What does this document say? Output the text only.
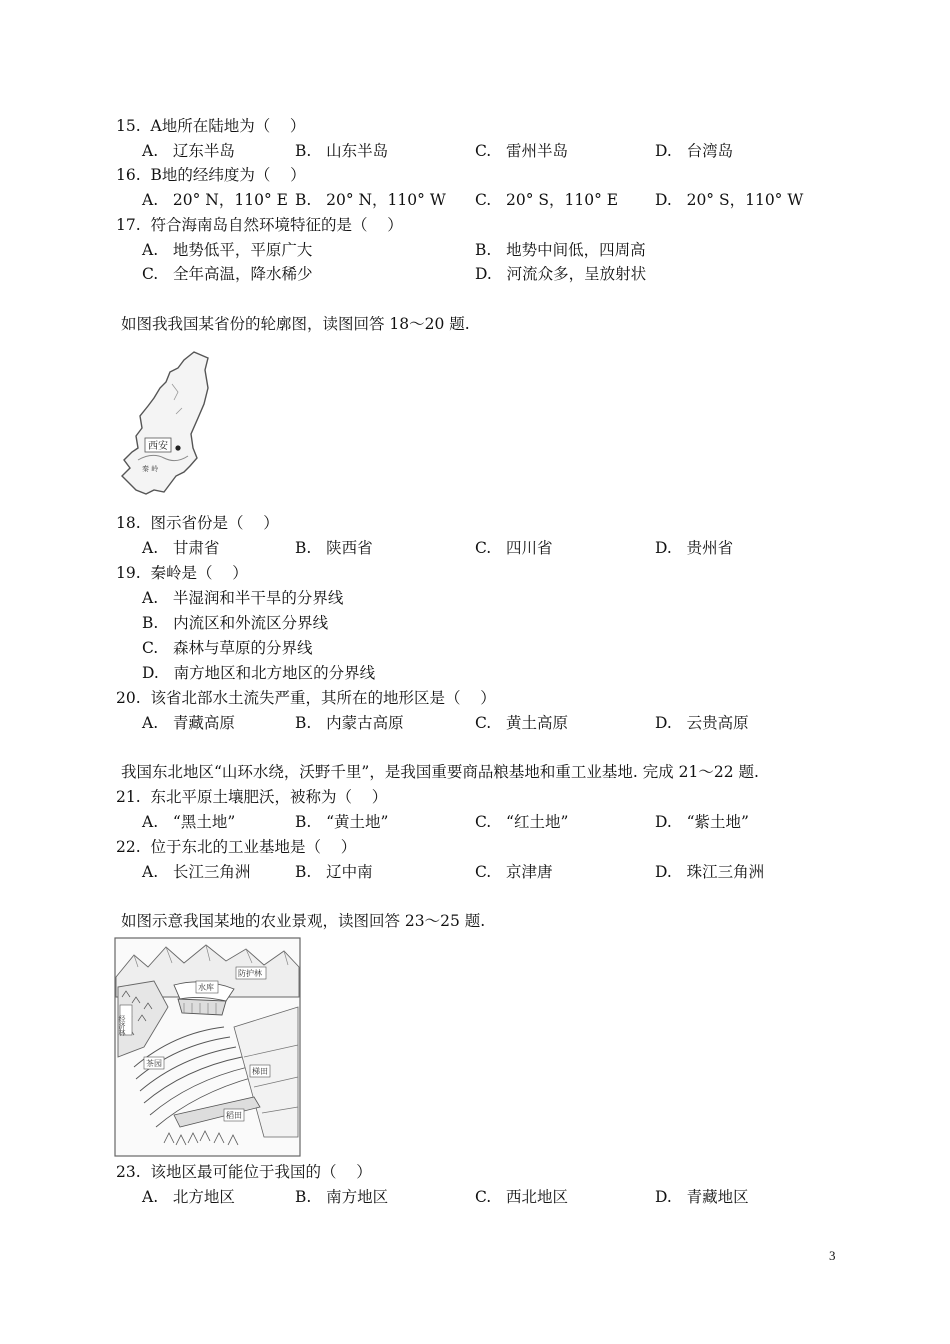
15.  A地所在陆地为（    ）
A.   辽东半岛	B.   山东半岛	C.   雷州半岛	D.   台湾岛
16.  B地的经纬度为（    ）
A.   20° N，110° E B.   20° N，110° W C.   20° S，110° E D.   20° S，110° W
17.  符合海南岛自然环境特征的是（    ）
A.   地势低平，平原广大	B.   地势中间低，四周高
C.   全年高温，降水稀少	D.   河流众多，呈放射状
如图我我国某省份的轮廓图，读图回答 18～20 题.
西安
秦 岭
18.  图示省份是（    ）
A.   甘肃省	B.   陕西省	C.   四川省	D.   贵州省
19.  秦岭是（    ）
A.   半湿润和半干旱的分界线
B.   内流区和外流区分界线
C.   森林与草原的分界线
D.   南方地区和北方地区的分界线
20.  该省北部水土流失严重，其所在的地形区是（    ）
A.   青藏高原	B.   内蒙古高原	C.   黄土高原	D.   云贵高原
我国东北地区“山环水绕，沃野千里”，是我国重要商品粮基地和重工业基地. 完成 21～22 题.
21.  东北平原土壤肥沃，被称为（    ）
A.   “黑土地”	B.   “黄土地”	C.   “红土地”	D.   “紫土地”
22.  位于东北的工业基地是（    ）
A.   长江三角洲	B.   辽中南	C.   京津唐	D.   珠江三角洲
如图示意我国某地的农业景观，读图回答 23～25 题.
水库
防护林
经济林
茶园
梯田
稻田
23.  该地区最可能位于我国的（    ）
A.   北方地区	B.   南方地区	C.   西北地区	D.   青藏地区
3
